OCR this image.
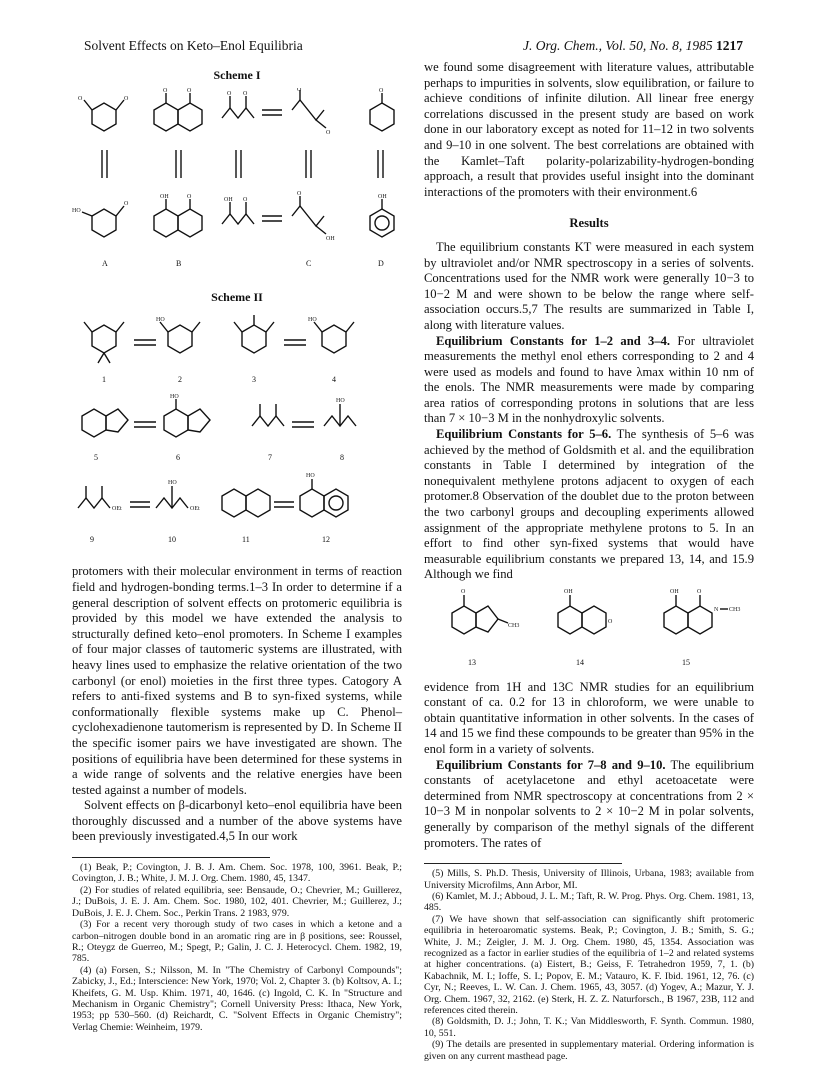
Solvent Effects on Keto–Enol Equilibria	J. Org. Chem., Vol. 50, No. 8, 1985 1217
Scheme I
O	O
O	O	O O
O
O
O
HO
O
OH	O	OH O
O
OH
OH
A	B	C	D
Scheme II
HO	HO
1	2	3	4
HO
HO
5	6	7	8
OEt
HO
OEt
HO
9	10	11	12

protomers with their molecular environment in terms of reaction field and hydrogen-bonding terms.1–3 In order to determine if a general description of solvent effects on protomeric equilibria is provided by this model we have extended the analysis to structurally defined keto–enol promoters. In Scheme I examples of four major classes of tautomeric systems are illustrated, with heavy lines used to emphasize the relative orientation of the two carbonyl (or enol) moieties in the first three types. Catogory A refers to anti-fixed systems and B to syn-fixed systems, while conformationally flexible systems make up C. Phenol–cyclohexadienone tautomerism is represented by D. In Scheme II the specific isomer pairs we have investigated are shown. The positions of equilibria have been determined for these systems in a wide range of solvents and the relative energies have been tested against a number of models.

Solvent effects on β-dicarbonyl keto–enol equilibria have been thoroughly discussed and a number of the above systems have been previously investigated.4,5 In our work

(1) Beak, P.; Covington, J. B. J. Am. Chem. Soc. 1978, 100, 3961. Beak, P.; Covington, J. B.; White, J. M. J. Org. Chem. 1980, 45, 1347.

(2) For studies of related equilibria, see: Bensaude, O.; Chevrier, M.; Guillerez, J.; DuBois, J. E. J. Am. Chem. Soc. 1980, 102, 401. Chevrier, M.; Guillerez, J.; DuBois, J. E. J. Chem. Soc., Perkin Trans. 2 1983, 979.

(3) For a recent very thorough study of two cases in which a ketone and a carbon–nitrogen double bond in an aromatic ring are in β positions, see: Roussel, R.; Oteygz de Guerreo, M.; Spegt, P.; Galin, J. C. J. Heterocycl. Chem. 1982, 19, 785.

(4) (a) Forsen, S.; Nilsson, M. In "The Chemistry of Carbonyl Compounds"; Zabicky, J., Ed.; Interscience: New York, 1970; Vol. 2, Chapter 3. (b) Koltsov, A. I.; Kheifets, G. M. Usp. Khim. 1971, 40, 1646. (c) Ingold, C. K. In "Structure and Mechanism in Organic Chemistry"; Cornell University Press: Ithaca, New York, 1953; pp 530–560. (d) Reichardt, C. "Solvent Effects in Organic Chemistry"; Verlag Chemie: Weinheim, 1979.

we found some disagreement with literature values, attributable perhaps to impurities in solvents, slow equilibration, or failure to achieve conditions of infinite dilution. All linear free energy correlations discussed in the present study are based on work done in our laboratory except as noted for 11–12 in two solvents and 9–10 in one solvent. The best correlations are obtained with the Kamlet–Taft polarity-polarizability-hydrogen-bonding approach, a result that provides useful insight into the dominant interactions of the promoters with their environment.6

Results

The equilibrium constants KT were measured in each system by ultraviolet and/or NMR spectroscopy in a series of solvents. Concentrations used for the NMR work were generally 10−3 to 10−2 M and were shown to be below the range where self-association occurs.5,7 The results are summarized in Table I, along with literature values.

Equilibrium Constants for 1–2 and 3–4. For ultraviolet measurements the methyl enol ethers corresponding to 2 and 4 were used as models and found to have λmax within 10 nm of the enols. The NMR measurements were made by comparing area ratios of corresponding protons in solutions that are less than 7 × 10−3 M in the nonhydroxylic solvents.

Equilibrium Constants for 5–6. The synthesis of 5–6 was achieved by the method of Goldsmith et al. and the equilibration constants in Table I determined by integration of the nonequivalent methylene protons adjacent to oxygen of each protomer.8 Observation of the doublet due to the proton between the two carbonyl groups and decoupling experiments allowed assignment of the appropriate methylene protons to 5. In an effort to find other syn-fixed systems that would have measurable equilibrium constants we prepared 13, 14, and 15.9 Although we find

O
CH3
13
OH
O
14
OH	O
N CH3
15

evidence from 1H and 13C NMR studies for an equilibrium constant of ca. 0.2 for 13 in chloroform, we were unable to obtain quantitative information in other solvents. In the cases of 14 and 15 we find these compounds to be greater than 95% in the enol form in a variety of solvents.

Equilibrium Constants for 7–8 and 9–10. The equilibrium constants of acetylacetone and ethyl acetoacetate were determined from NMR spectroscopy at concentrations from 2 × 10−3 M in nonpolar solvents to 2 × 10−2 M in polar solvents, generally by comparison of the methyl signals of the different promoters. The rates of

(5) Mills, S. Ph.D. Thesis, University of Illinois, Urbana, 1983; available from University Microfilms, Ann Arbor, MI.

(6) Kamlet, M. J.; Abboud, J. L. M.; Taft, R. W. Prog. Phys. Org. Chem. 1981, 13, 485.

(7) We have shown that self-association can significantly shift protomeric equilibria in heteroaromatic systems. Beak, P.; Covington, J. B.; Smith, S. G.; White, J. M.; Zeigler, J. M. J. Org. Chem. 1980, 45, 1354. Association was recognized as a factor in earlier studies of the equilibria of 1–2 and related systems at higher concentrations. (a) Eistert, B.; Geiss, F. Tetrahedron 1959, 7, 1. (b) Kabachnik, M. I.; Ioffe, S. I.; Popov, E. M.; Vatauro, K. F. Ibid. 1961, 12, 76. (c) Cyr, N.; Reeves, L. W. Can. J. Chem. 1965, 43, 3057. (d) Yogev, A.; Mazur, Y. J. Org. Chem. 1967, 32, 2162. (e) Sterk, H. Z. Z. Naturforsch., B 1967, 23B, 112 and references cited therein.

(8) Goldsmith, D. J.; John, T. K.; Van Middlesworth, F. Synth. Commun. 1980, 10, 551.

(9) The details are presented in supplementary material. Ordering information is given on any current masthead page.
